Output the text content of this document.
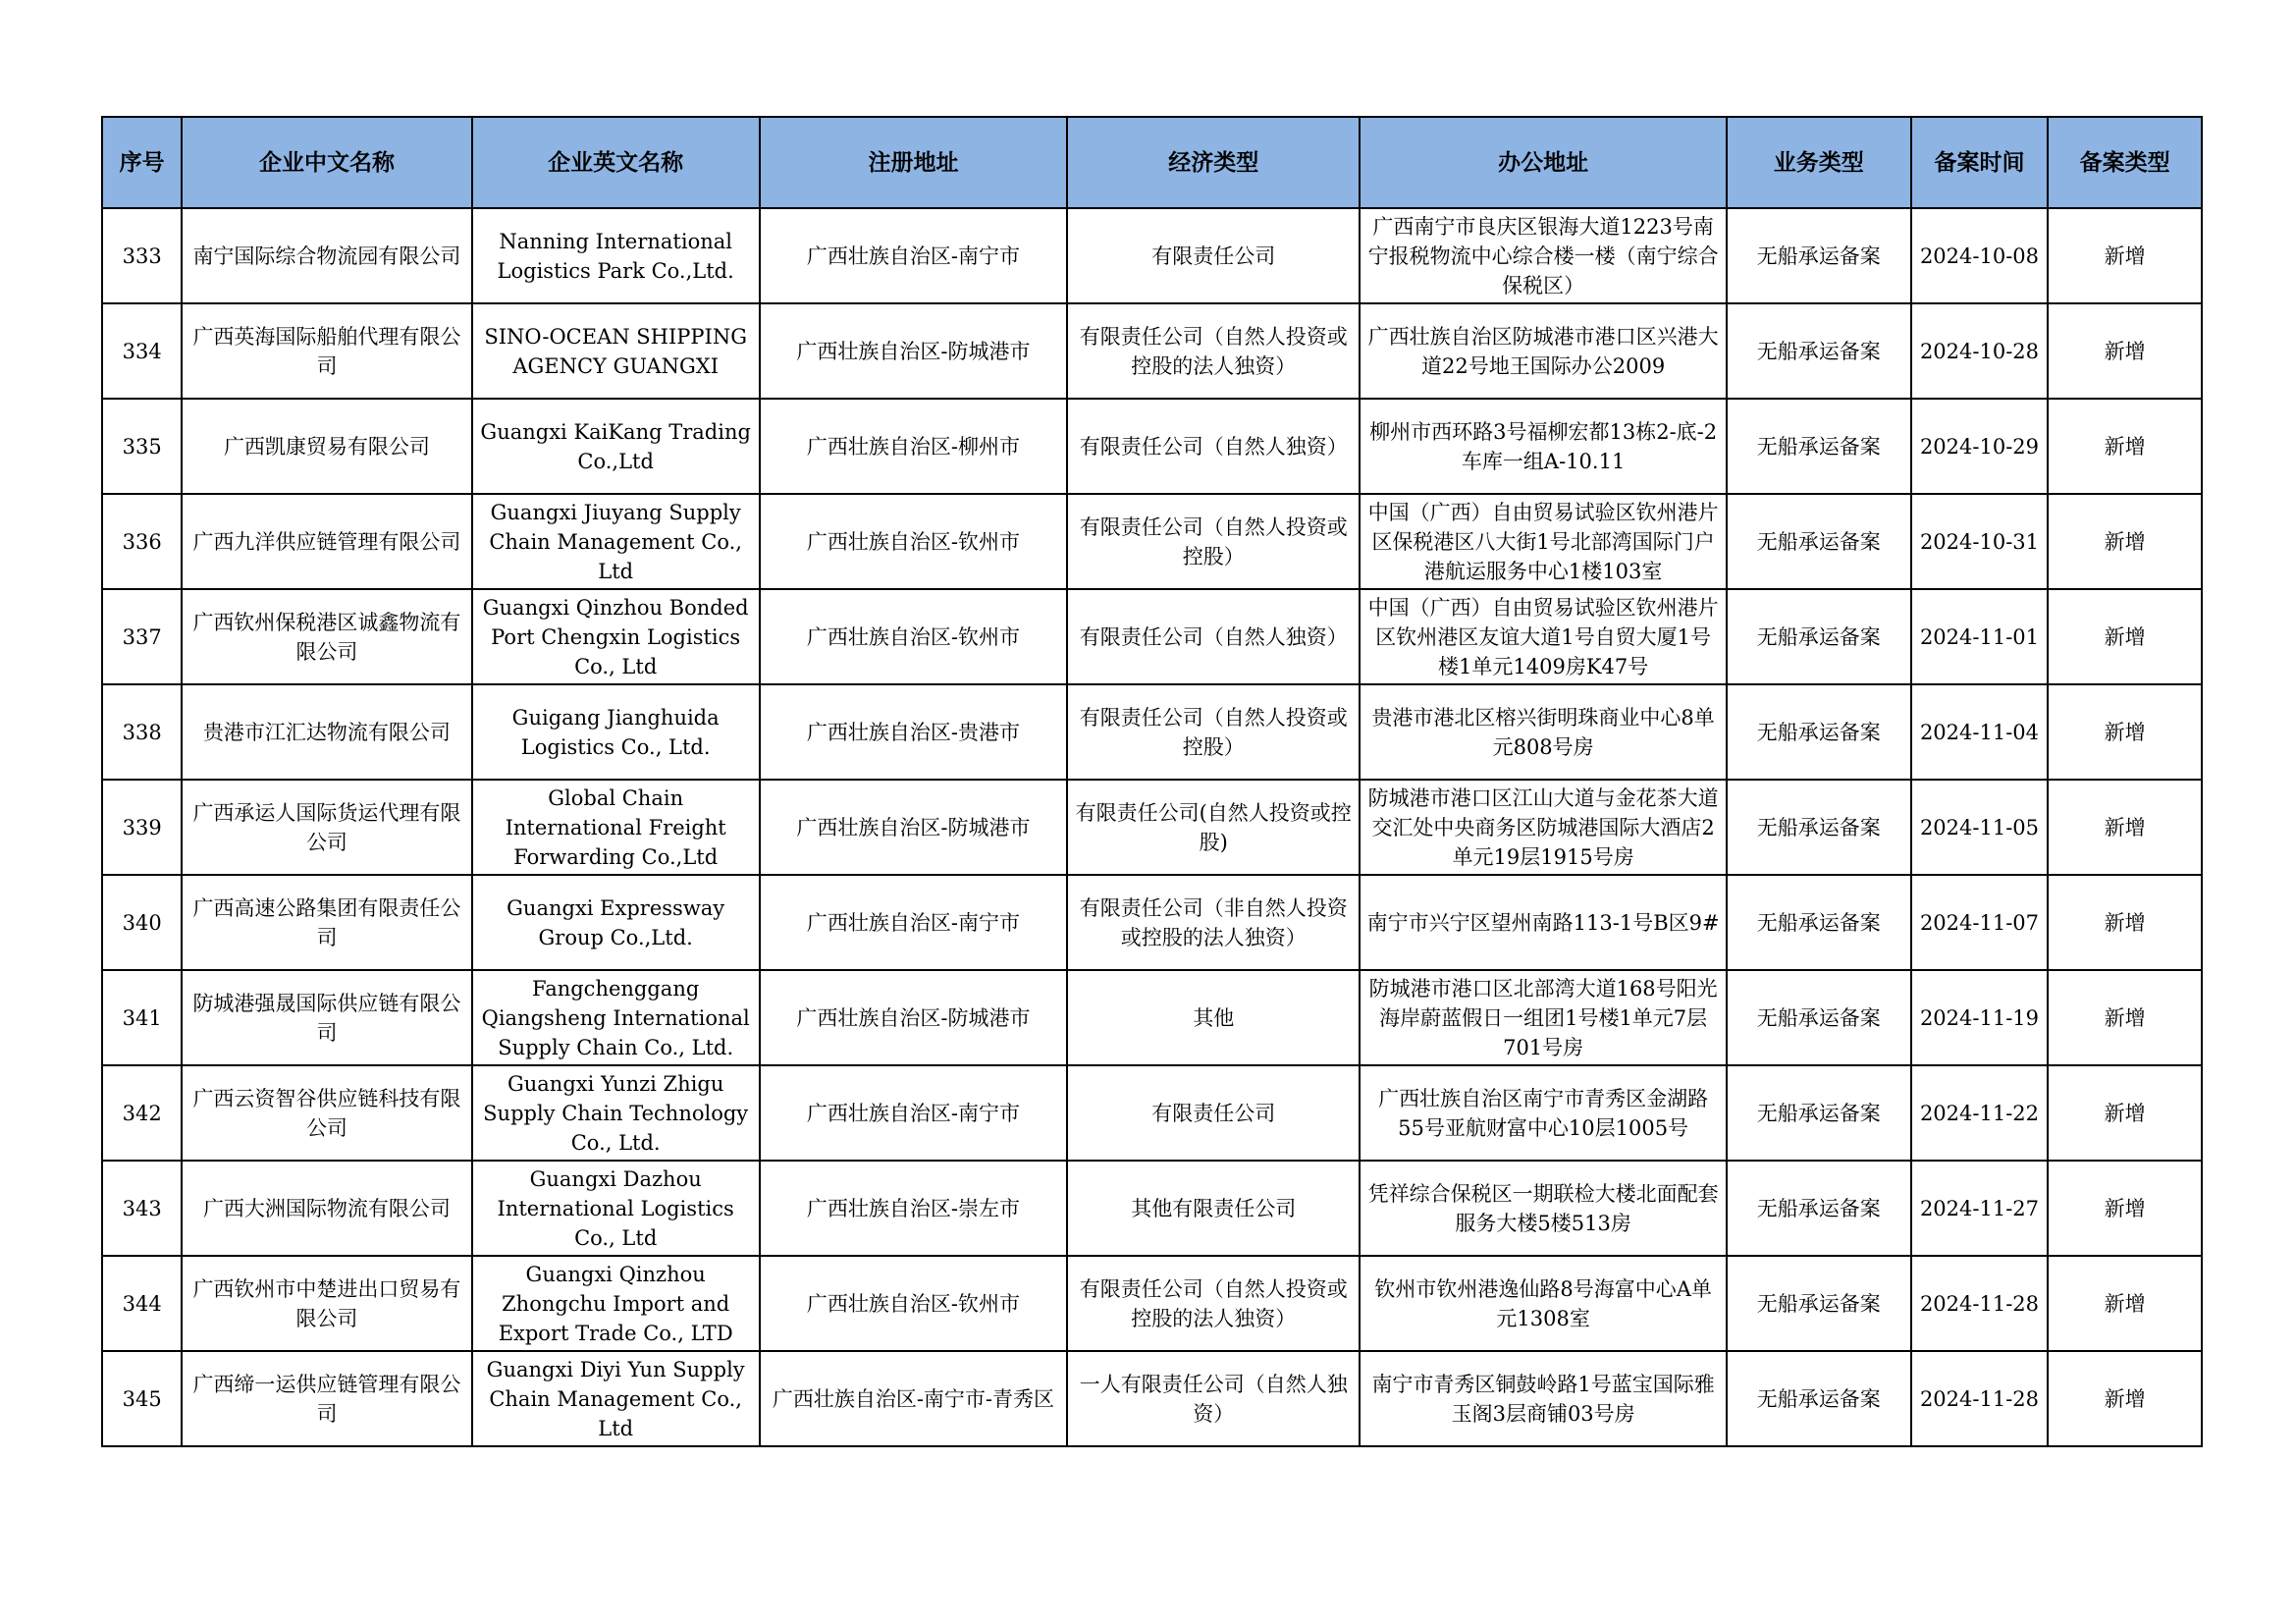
序号	企业中文名称	企业英文名称	注册地址	经济类型	办公地址	业务类型	备案时间	备案类型
333	南宁国际综合物流园有限公司	Nanning International Logistics Park Co.,Ltd.	广西壮族自治区-南宁市	有限责任公司	广西南宁市良庆区银海大道1223号南宁报税物流中心综合楼一楼（南宁综合保税区）	无船承运备案	2024-10-08	新增
334	广西英海国际船舶代理有限公司	SINO-OCEAN SHIPPING AGENCY GUANGXI	广西壮族自治区-防城港市	有限责任公司（自然人投资或控股的法人独资）	广西壮族自治区防城港市港口区兴港大道22号地王国际办公2009	无船承运备案	2024-10-28	新增
335	广西凯康贸易有限公司	Guangxi KaiKang Trading Co.,Ltd	广西壮族自治区-柳州市	有限责任公司（自然人独资）	柳州市西环路3号福柳宏都13栋2-底-2车库一组A-10.11	无船承运备案	2024-10-29	新增
336	广西九洋供应链管理有限公司	Guangxi Jiuyang Supply Chain Management Co., Ltd	广西壮族自治区-钦州市	有限责任公司（自然人投资或控股）	中国（广西）自由贸易试验区钦州港片区保税港区八大街1号北部湾国际门户港航运服务中心1楼103室	无船承运备案	2024-10-31	新增
337	广西钦州保税港区诚鑫物流有限公司	Guangxi Qinzhou Bonded Port Chengxin Logistics Co., Ltd	广西壮族自治区-钦州市	有限责任公司（自然人独资）	中国（广西）自由贸易试验区钦州港片区钦州港区友谊大道1号自贸大厦1号楼1单元1409房K47号	无船承运备案	2024-11-01	新增
338	贵港市江汇达物流有限公司	Guigang Jianghuida Logistics Co., Ltd.	广西壮族自治区-贵港市	有限责任公司（自然人投资或控股）	贵港市港北区榕兴街明珠商业中心8单元808号房	无船承运备案	2024-11-04	新增
339	广西承运人国际货运代理有限公司	Global Chain International Freight Forwarding Co.,Ltd	广西壮族自治区-防城港市	有限责任公司(自然人投资或控股)	防城港市港口区江山大道与金花茶大道交汇处中央商务区防城港国际大酒店2单元19层1915号房	无船承运备案	2024-11-05	新增
340	广西高速公路集团有限责任公司	Guangxi Expressway Group Co.,Ltd.	广西壮族自治区-南宁市	有限责任公司（非自然人投资或控股的法人独资）	南宁市兴宁区望州南路113-1号B区9#	无船承运备案	2024-11-07	新增
341	防城港强晟国际供应链有限公司	Fangchenggang Qiangsheng International Supply Chain Co., Ltd.	广西壮族自治区-防城港市	其他	防城港市港口区北部湾大道168号阳光海岸蔚蓝假日一组团1号楼1单元7层701号房	无船承运备案	2024-11-19	新增
342	广西云资智谷供应链科技有限公司	Guangxi Yunzi Zhigu Supply Chain Technology Co., Ltd.	广西壮族自治区-南宁市	有限责任公司	广西壮族自治区南宁市青秀区金湖路55号亚航财富中心10层1005号	无船承运备案	2024-11-22	新增
343	广西大洲国际物流有限公司	Guangxi Dazhou International Logistics Co., Ltd	广西壮族自治区-崇左市	其他有限责任公司	凭祥综合保税区一期联检大楼北面配套服务大楼5楼513房	无船承运备案	2024-11-27	新增
344	广西钦州市中楚进出口贸易有限公司	Guangxi Qinzhou Zhongchu Import and Export Trade Co., LTD	广西壮族自治区-钦州市	有限责任公司（自然人投资或控股的法人独资）	钦州市钦州港逸仙路8号海富中心A单元1308室	无船承运备案	2024-11-28	新增
345	广西缔一运供应链管理有限公司	Guangxi Diyi Yun Supply Chain Management Co., Ltd	广西壮族自治区-南宁市-青秀区	一人有限责任公司（自然人独资）	南宁市青秀区铜鼓岭路1号蓝宝国际雅玉阁3层商铺03号房	无船承运备案	2024-11-28	新增
